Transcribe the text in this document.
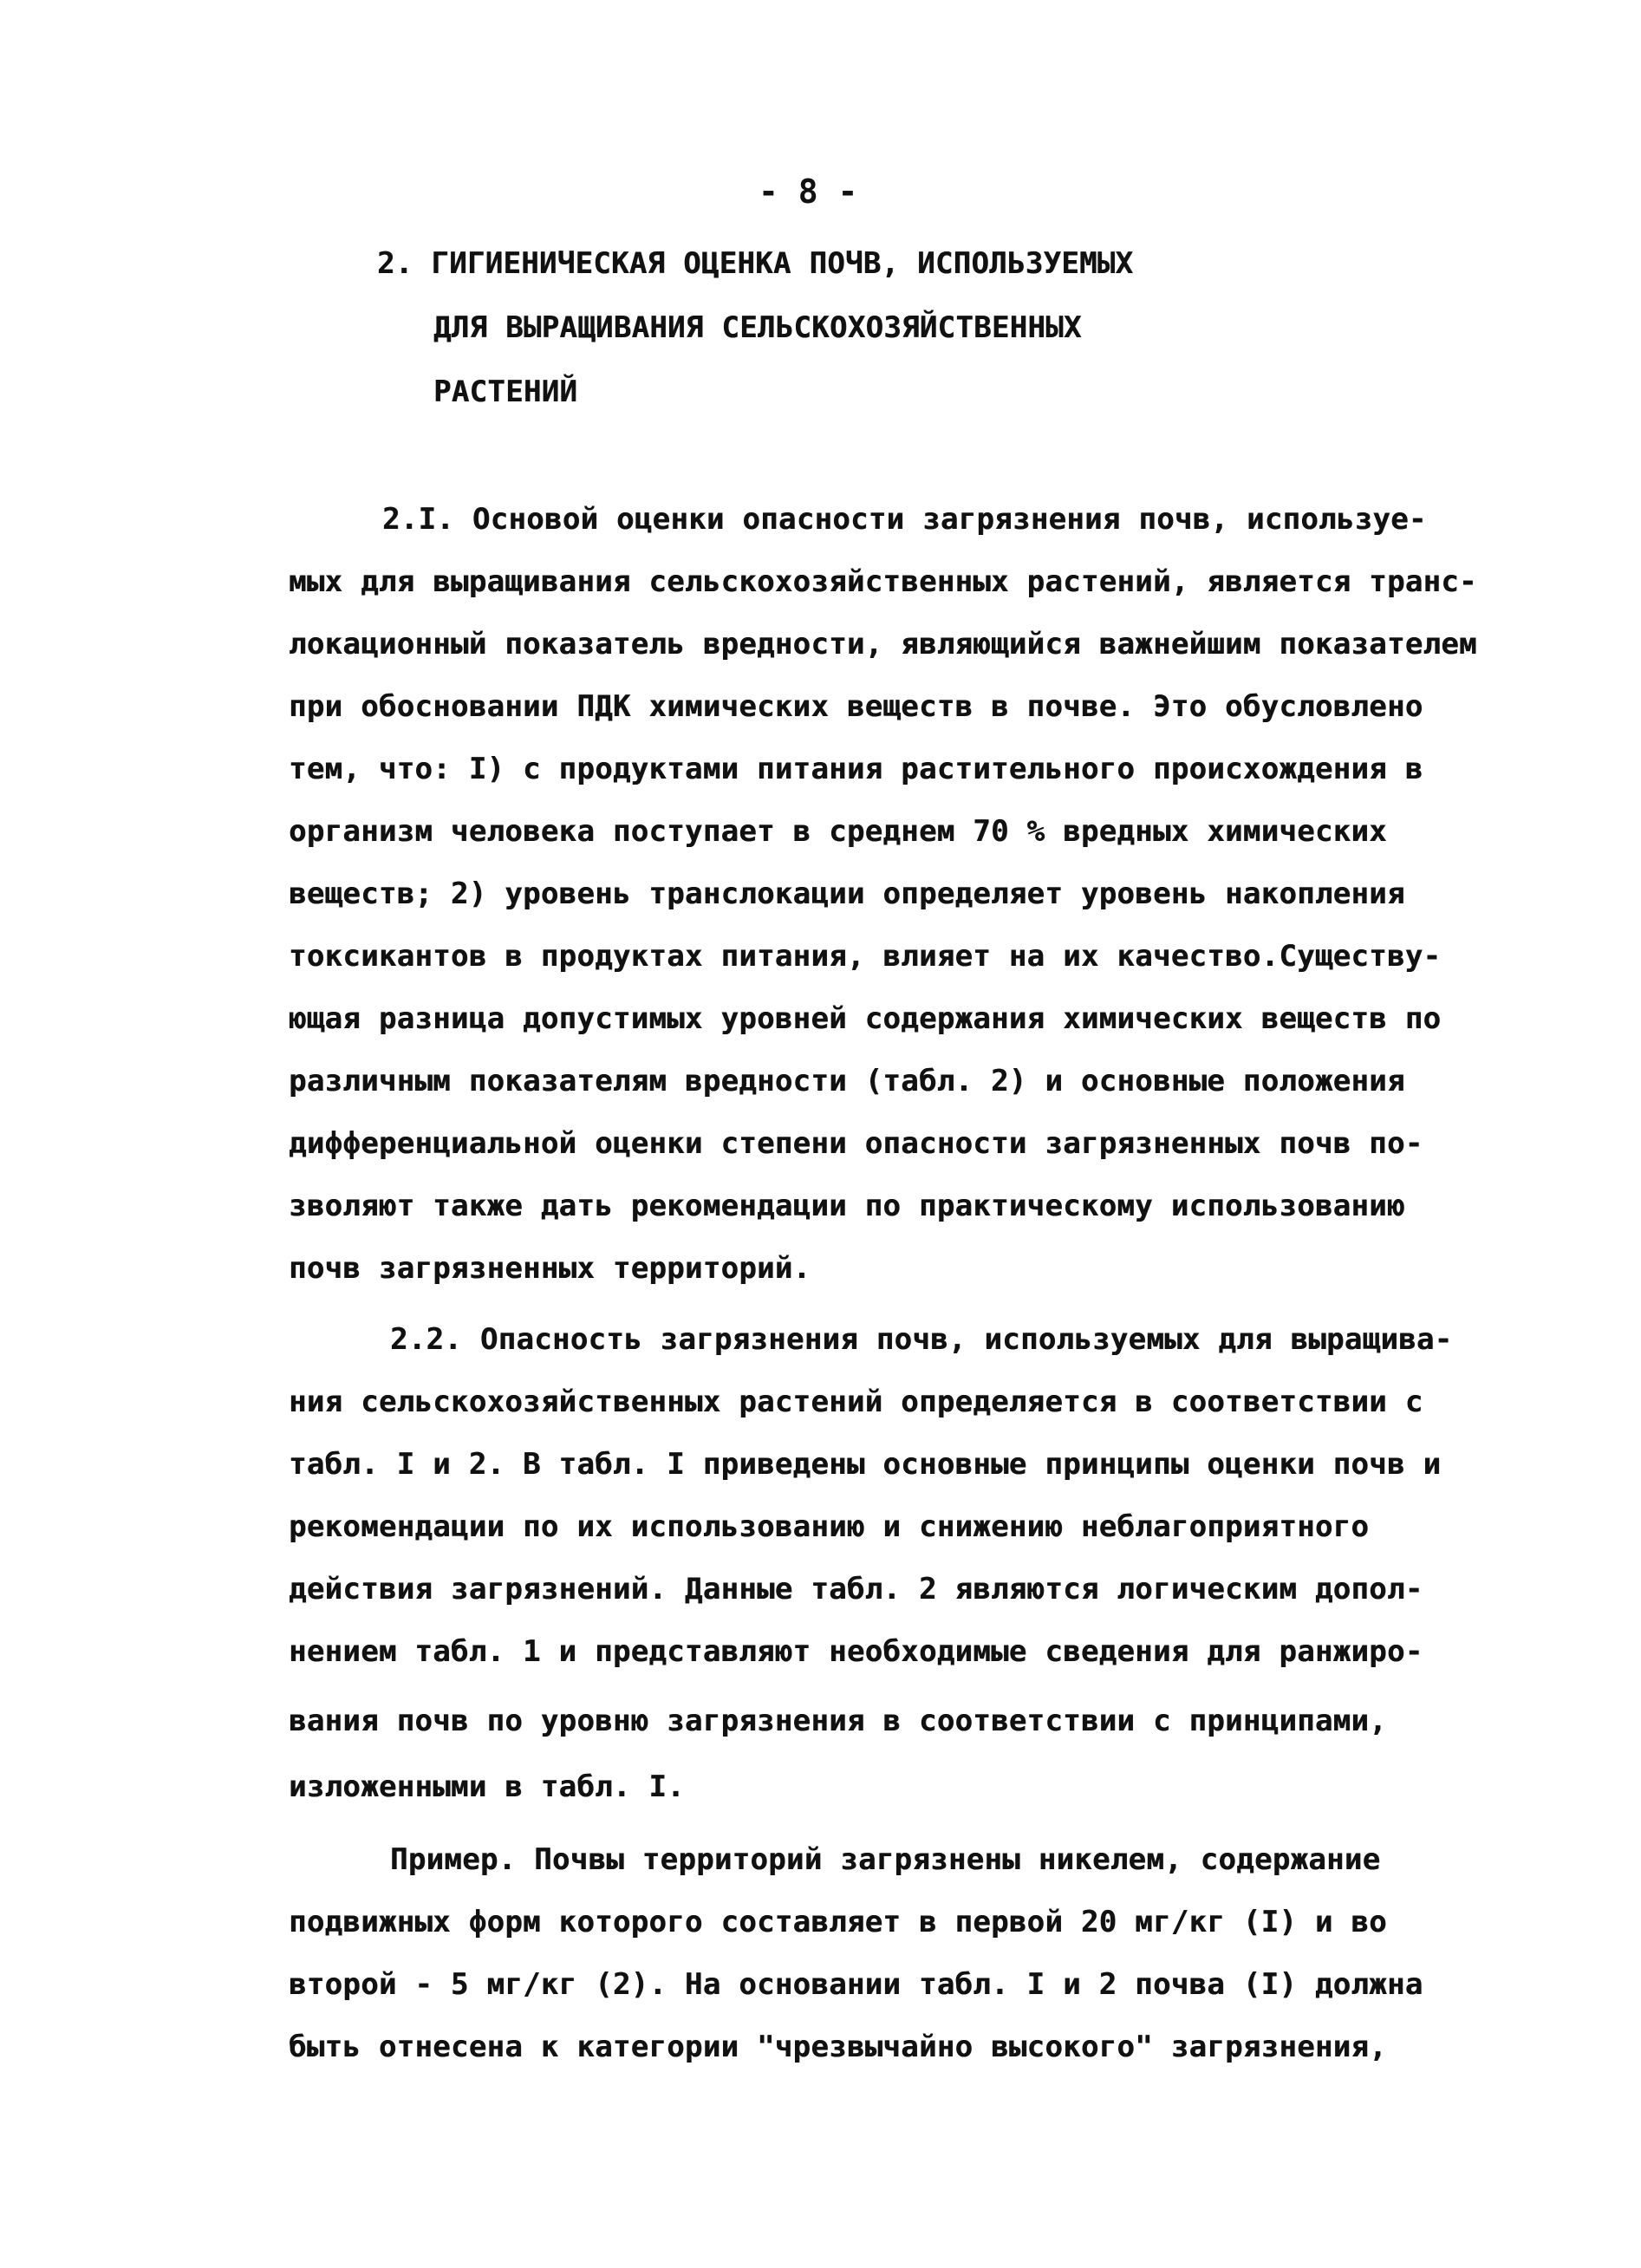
- 8 -

2. ГИГИЕНИЧЕСКАЯ ОЦЕНКА ПОЧВ, ИСПОЛЬЗУЕМЫХ

ДЛЯ ВЫРАЩИВАНИЯ СЕЛЬСКОХОЗЯЙСТВЕННЫХ

РАСТЕНИЙ

2.I. Основой оценки опасности загрязнения почв, используе-

мых для выращивания сельскохозяйственных растений, является транс-

локационный показатель вредности, являющийся важнейшим показателем

при обосновании ПДК химических веществ в почве. Это обусловлено

тем, что: I) с продуктами питания растительного происхождения в

организм человека поступает в среднем 70 % вредных химических

веществ; 2) уровень транслокации определяет уровень накопления

токсикантов в продуктах питания, влияет на их качество.Существу-

ющая разница допустимых уровней содержания химических веществ по

различным показателям вредности (табл. 2) и основные положения

дифференциальной оценки степени опасности загрязненных почв по-

зволяют также дать рекомендации по практическому использованию

почв загрязненных территорий.

2.2. Опасность загрязнения почв, используемых для выращива-

ния сельскохозяйственных растений определяется в соответствии с

табл. I и 2. В табл. I приведены основные принципы оценки почв и

рекомендации по их использованию и снижению неблагоприятного

действия загрязнений. Данные табл. 2 являются логическим допол-

нением табл. 1 и представляют необходимые сведения для ранжиро-

вания почв по уровню загрязнения в соответствии с принципами,

изложенными в табл. I.

Пример. Почвы территорий загрязнены никелем, содержание

подвижных форм которого составляет в первой 20 мг/кг (I) и во

второй - 5 мг/кг (2). На основании табл. I и 2 почва (I) должна

быть отнесена к категории "чрезвычайно высокого" загрязнения,
